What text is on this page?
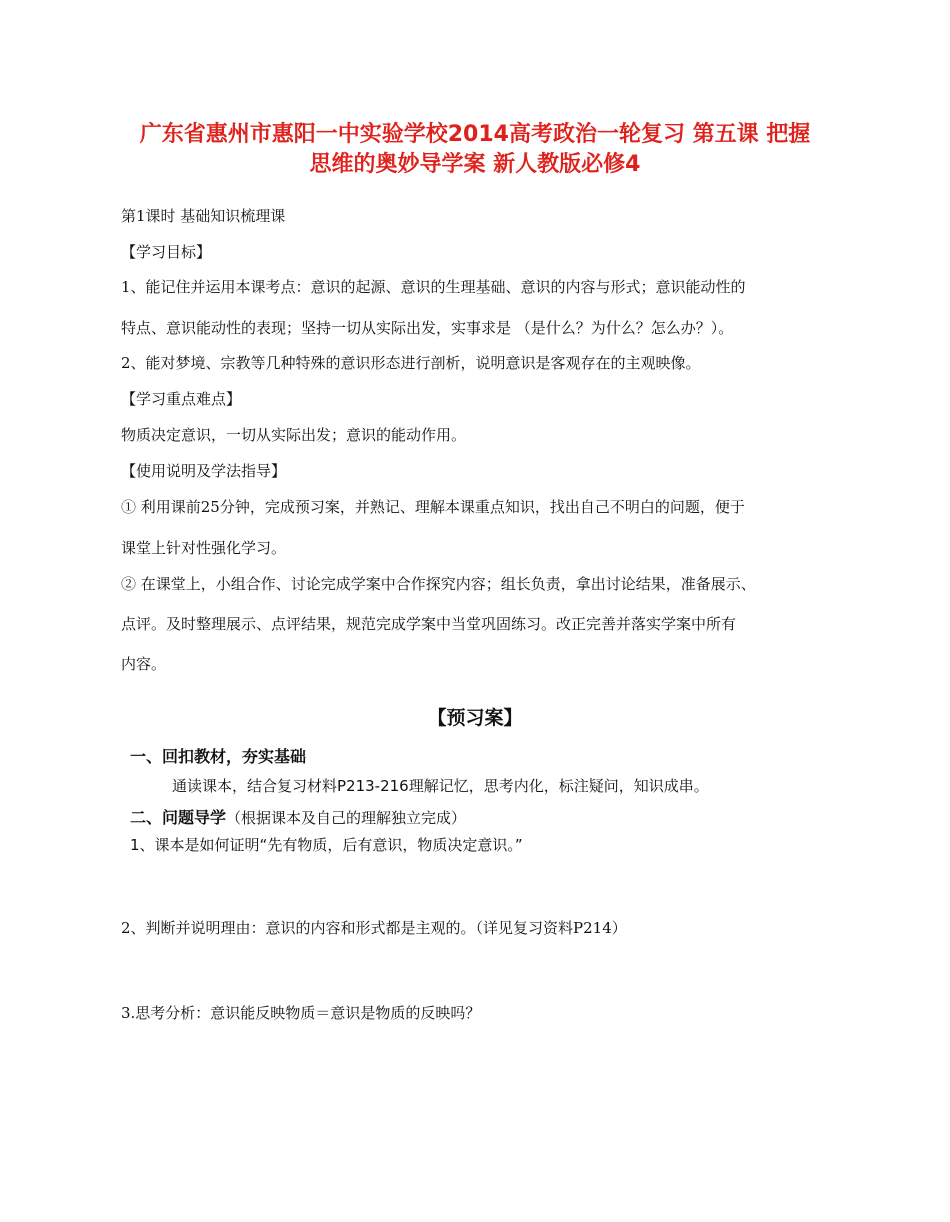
广东省惠州市惠阳一中实验学校2014高考政治一轮复习 第五课 把握
思维的奥妙导学案 新人教版必修4
第1课时 基础知识梳理课
【学习目标】
1、能记住并运用本课考点：意识的起源、意识的生理基础、意识的内容与形式；意识能动性的
特点、意识能动性的表现；坚持一切从实际出发，实事求是 （是什么？为什么？怎么办？）。
2、能对梦境、宗教等几种特殊的意识形态进行剖析，说明意识是客观存在的主观映像。
【学习重点难点】
物质决定意识，一切从实际出发；意识的能动作用。
【使用说明及学法指导】
① 利用课前25分钟，完成预习案，并熟记、理解本课重点知识，找出自己不明白的问题，便于
课堂上针对性强化学习。
② 在课堂上，小组合作、讨论完成学案中合作探究内容；组长负责，拿出讨论结果，准备展示、
点评。及时整理展示、点评结果，规范完成学案中当堂巩固练习。改正完善并落实学案中所有
内容。
【预习案】
一、回扣教材，夯实基础
通读课本，结合复习材料P213-216理解记忆，思考内化，标注疑问，知识成串。
二、问题导学（根据课本及自己的理解独立完成）
1、课本是如何证明“先有物质，后有意识，物质决定意识。”
2、判断并说明理由：意识的内容和形式都是主观的。（详见复习资料P214）
3.思考分析：意识能反映物质＝意识是物质的反映吗？
